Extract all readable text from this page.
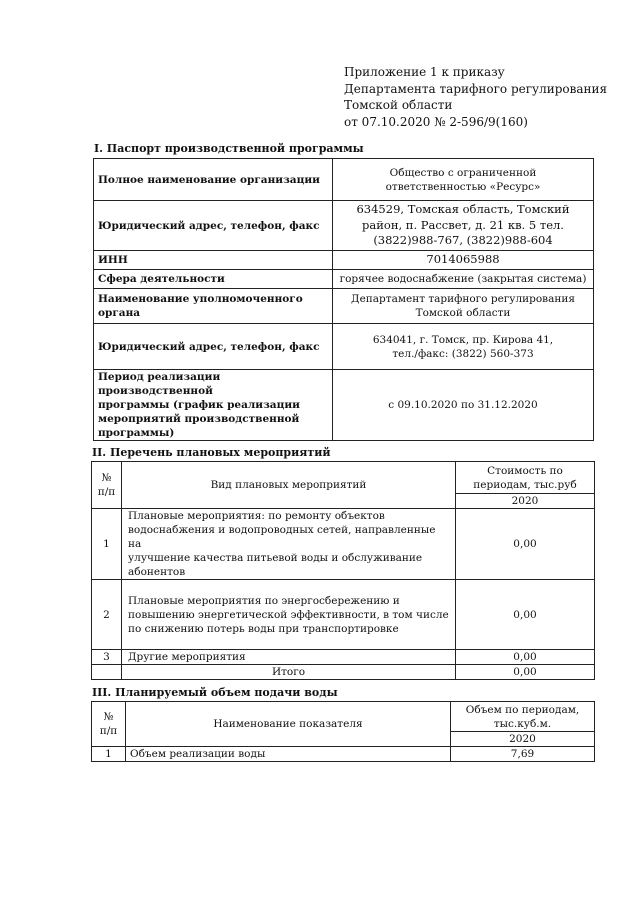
Приложение 1 к приказу
Департамента тарифного регулирования
Томской области
от 07.10.2020 № 2-596/9(160)
I. Паспорт производственной программы
Полное наименование организации	Общество с ограниченной
ответственностью «Ресурс»
Юридический адрес, телефон, факс	634529, Томская область, Томский
район, п. Рассвет, д. 21 кв. 5 тел.
(3822)988-767, (3822)988-604
ИНН	7014065988
Сфера деятельности	горячее водоснабжение (закрытая система)
Наименование уполномоченного
органа	Департамент тарифного регулирования
Томской области
Юридический адрес, телефон, факс	634041, г. Томск, пр. Кирова 41,
тел./факс: (3822) 560-373
Период реализации производственной
программы (график реализации
мероприятий производственной
программы)	с 09.10.2020 по 31.12.2020
II. Перечень плановых мероприятий
№
п/п	Вид плановых мероприятий	Стоимость по
периодам, тыс.руб
		2020
1	Плановые мероприятия: по ремонту объектов
водоснабжения и водопроводных сетей, направленные на
улучшение качества питьевой воды и обслуживание
абонентов	0,00
2	Плановые мероприятия по энергосбережению и
повышению энергетической эффективности, в том числе
по снижению потерь воды при транспортировке	0,00
3	Другие мероприятия	0,00
	Итого	0,00
III. Планируемый объем подачи воды
№
п/п	Наименование показателя	Объем по периодам,
тыс.куб.м.
		2020
1	Объем реализации воды	7,69
